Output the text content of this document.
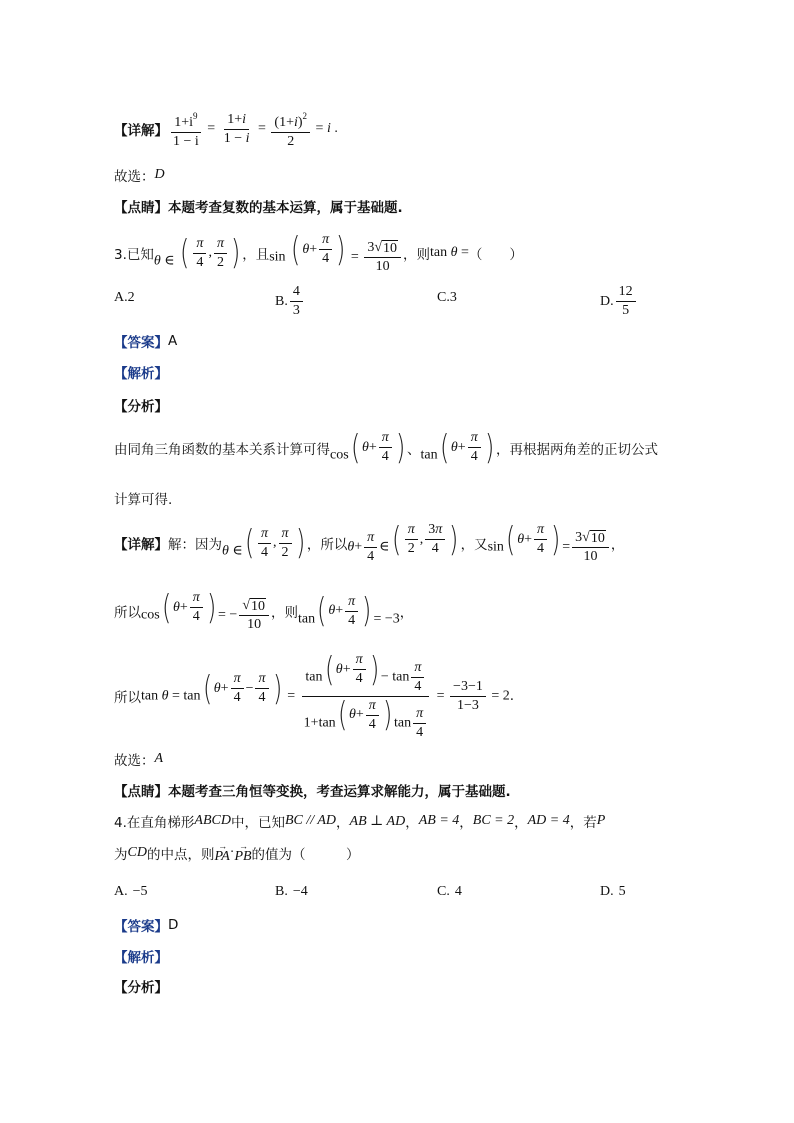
【详解】 $\frac{1+i^9}{1 - i} = \frac{1+i}{1 - i} = \frac{(1+i)^2}{2} = i$ .
故选： D
【点睛】 本题考查复数的基本运算，属于基础题.
3.已知 θ ∈ ( $\frac{\pi}{4}$ , $\frac{\pi}{2}$ ) ，且 sin ( $\theta + \frac{\pi}{4}$ ) = $\frac{3 √ 10}{10}$ ，则 tan θ = （　　）
A. 2	B. $\frac{4}{3}$	C. 3	D. $\frac{12}{5}$
【答案】 A
【解析】
【分析】
由同角三角函数的基本关系计算可得 cos ( $\theta + \frac{\pi}{4}$ ) 、 tan ( $\theta + \frac{\pi}{4}$ ) ，再根据两角差的正切公式
计算可得.
【详解】 解：因为 θ ∈ ( $\frac{\pi}{4}$ , $\frac{\pi}{2}$ ) ，所以 $\theta+ \frac{\pi}{4}$ ∈ ( $\frac{\pi}{2}$ , $\frac{3\pi}{4}$ ) ，又 sin ( $\theta + \frac{\pi}{4}$ ) = $\frac{3 √ 10}{10}$ ，
所以 cos ( $\theta + \frac{\pi}{4}$ ) = − $\frac{√ 10}{10}$ ，则 tan ( $\theta + \frac{\pi}{4}$ ) = −3 ，
所以 tan θ = tan ( $\theta + \frac{\pi}{4} - \frac{\pi}{4}$ ) = $\frac{\tan ( \theta + \frac{\pi}{4} ) - \tan \frac{\pi}{4}}{1+\tan ( \theta + \frac{\pi}{4} ) \tan \frac{\pi}{4}} = \frac{-3-1}{1-3} = 2$ .
故选： A
【点睛】 本题考查三角恒等变换，考查运算求解能力，属于基础题.
4.在直角梯形 ABCD 中，已知 BC // AD ， AB ⊥ AD ， AB = 4 ， BC = 2 ， AD = 4 ，若 P
为 CD 的中点，则
→
PA · →
PB 的值为（　　　）
A. −5	B. −4	C. 4	D. 5
【答案】 D
【解析】
【分析】
